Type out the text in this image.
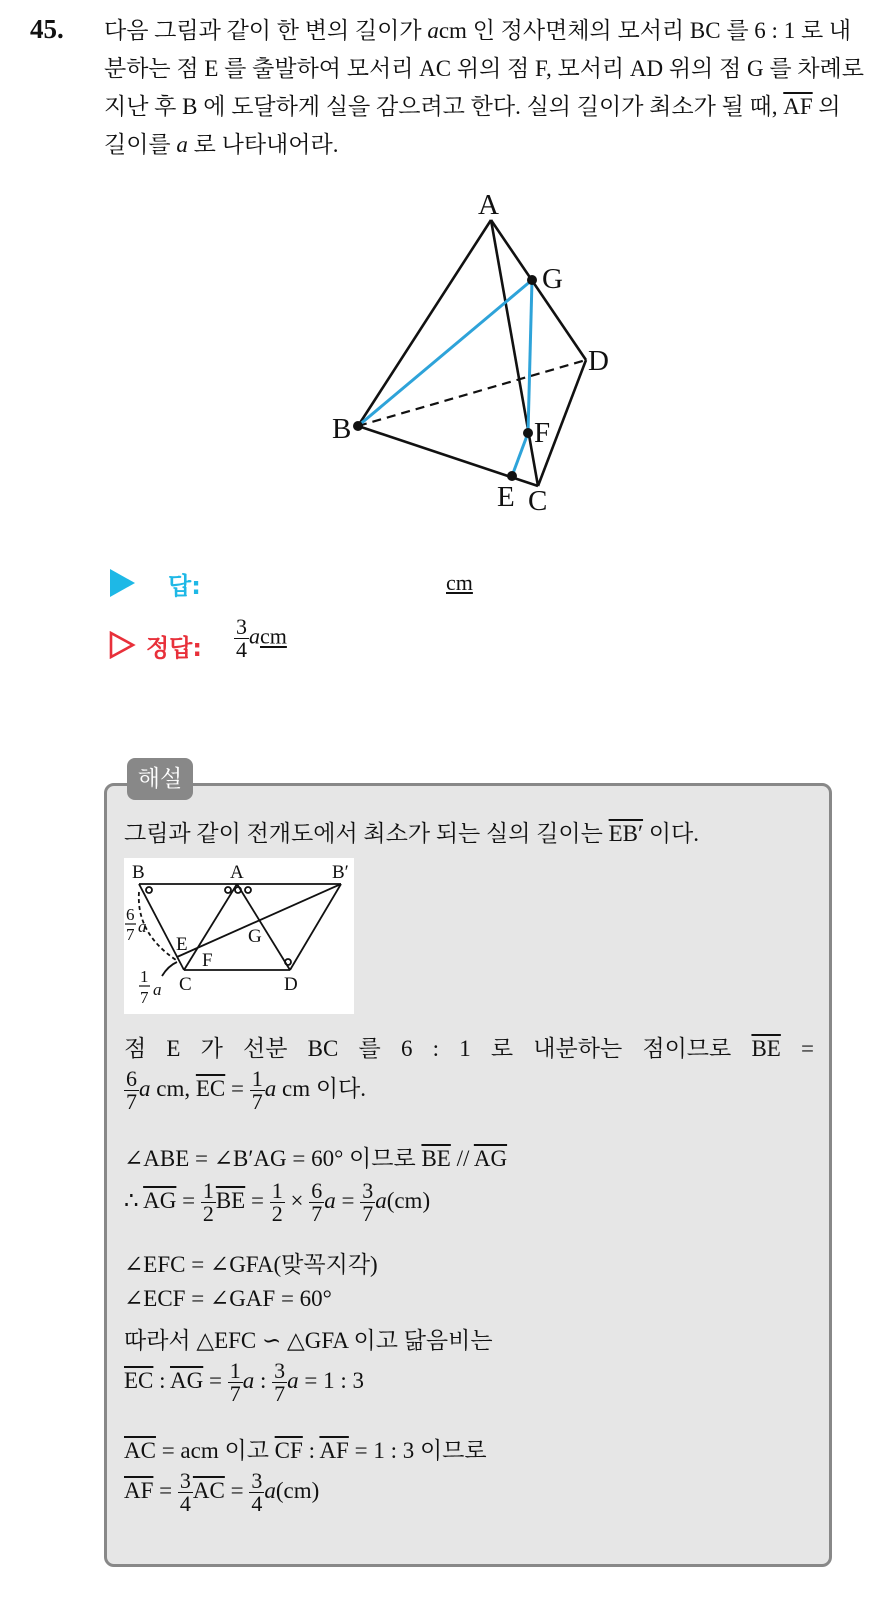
45. 다음 그림과 같이 한 변의 길이가 acm 인 정사면체의 모서리 BC 를 6 : 1 로 내분하는 점 E 를 출발하여 모서리 AC 위의 점 F, 모서리 AD 위의 점 G 를 차례로 지난 후 B 에 도달하게 실을 감으려고 한다. 실의 길이가 최소가 될 때, $\overline{AF}$ 의 길이를 a 로 나타내어라.
A
B
C
D
E
F
G
답:	cm
정답: $\frac{3}{4}$ acm
해설
그림과 같이 전개도에서 최소가 되는 실의 길이는 EB′ 이다.
B	A	B′
E
F
G
C	D
6
7 a
1
7 a
점 E 가 선분 BC 를 6 : 1 로 내분하는 점이므로 $\overline{BE}$ =
$\frac{6}{7}$ a cm, $\overline{EC} = \frac{1}{7}$ a cm 이다.
∠ABE = ∠B′AG = 60° 이므로 $\overline{BE} // \overline{AG}$
∴ $\overline{AG} = \frac{1}{2} \overline{BE} = \frac{1}{2} \times \frac{6}{7}$ $a = \frac{3}{7} a(cm)$
∠EFC = ∠GFA(맞꼭지각)
∠ECF = ∠GAF = 60°
따라서 △EFC ∽ △GFA 이고 닮음비는
$\overline{EC}$ : $\overline{AG} = \frac{1}{7}$ a : $\frac{3}{7}$ a = 1 : 3
$\overline{AC}$ = acm 이고 $\overline{CF}$ : $\overline{AF} = 1$ : 3 이므로
$\overline{AF} = \frac{3}{4} \overline{AC} = \frac{3}{4} a(cm)$
